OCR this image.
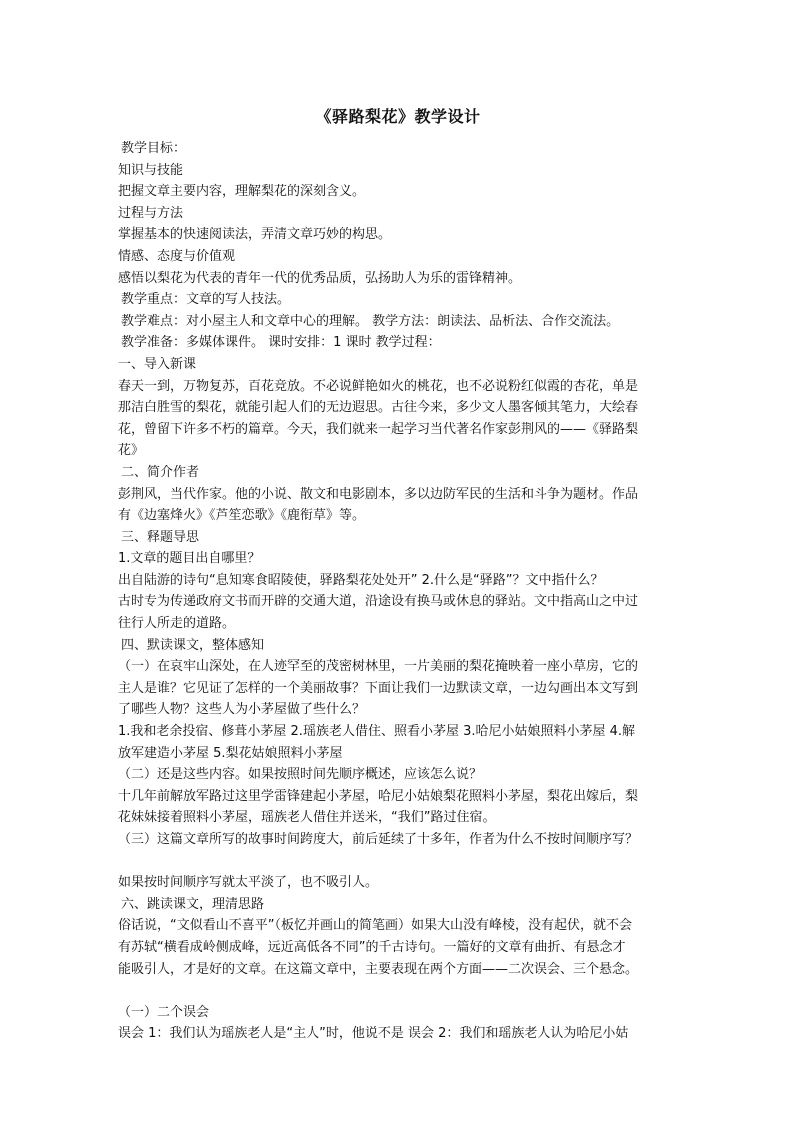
《驿路梨花》教学设计
教学目标：
知识与技能
把握文章主要内容，理解梨花的深刻含义。
过程与方法
掌握基本的快速阅读法，弄清文章巧妙的构思。
情感、态度与价值观
感悟以梨花为代表的青年一代的优秀品质，弘扬助人为乐的雷锋精神。
教学重点：文章的写人技法。
教学难点：对小屋主人和文章中心的理解。 教学方法：朗读法、品析法、合作交流法。
教学准备：多媒体课件。 课时安排：1 课时 教学过程：
一、导入新课
春天一到，万物复苏，百花竞放。不必说鲜艳如火的桃花，也不必说粉红似霞的杏花，单是
那洁白胜雪的梨花，就能引起人们的无边遐思。古往今来，多少文人墨客倾其笔力，大绘春
花，曾留下许多不朽的篇章。今天，我们就来一起学习当代著名作家彭荆风的——《驿路梨
花》
二、简介作者
彭荆风，当代作家。他的小说、散文和电影剧本，多以边防军民的生活和斗争为题材。作品
有《边塞烽火》《芦笙恋歌》《鹿衔草》等。
三、释题导思
1.文章的题目出自哪里？
出自陆游的诗句“息知寒食昭陵使，驿路梨花处处开” 2.什么是“驿路”？文中指什么？
古时专为传递政府文书而开辟的交通大道，沿途设有换马或休息的驿站。文中指高山之中过
往行人所走的道路。
四、默读课文，整体感知
（一）在哀牢山深处，在人迹罕至的茂密树林里，一片美丽的梨花掩映着一座小草房，它的
主人是谁？它见证了怎样的一个美丽故事？下面让我们一边默读文章，一边勾画出本文写到
了哪些人物？这些人为小茅屋做了些什么？
1.我和老余投宿、修葺小茅屋 2.瑶族老人借住、照看小茅屋 3.哈尼小姑娘照料小茅屋 4.解
放军建造小茅屋 5.梨花姑娘照料小茅屋
（二）还是这些内容。如果按照时间先顺序概述，应该怎么说？
十几年前解放军路过这里学雷锋建起小茅屋，哈尼小姑娘梨花照料小茅屋，梨花出嫁后，梨
花妹妹接着照料小茅屋，瑶族老人借住并送米，“我们”路过住宿。
（三）这篇文章所写的故事时间跨度大，前后延续了十多年，作者为什么不按时间顺序写？
如果按时间顺序写就太平淡了，也不吸引人。
六、跳读课文，理清思路
俗话说，“文似看山不喜平”（板忆并画山的简笔画）如果大山没有峰棱，没有起伏，就不会
有苏轼“横看成岭侧成峰，远近高低各不同”的千古诗句。一篇好的文章有曲折、有悬念才
能吸引人，才是好的文章。在这篇文章中，主要表现在两个方面——二次误会、三个悬念。
（一）二个误会
误会 1：我们认为瑶族老人是“主人”时，他说不是 误会 2：我们和瑶族老人认为哈尼小姑
